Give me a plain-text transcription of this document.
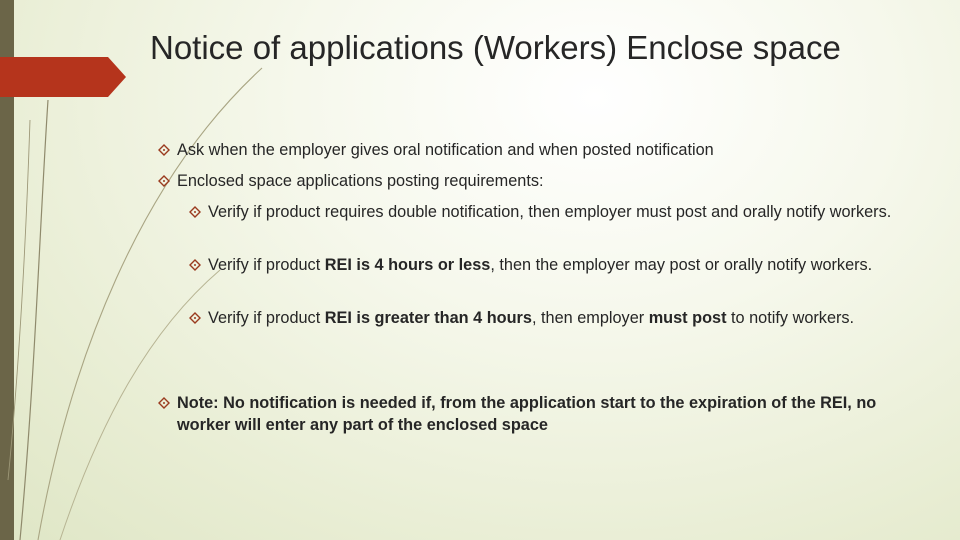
Notice of applications (Workers) Enclose space
Ask when the employer gives oral notification and when posted notification
Enclosed space applications posting requirements:
Verify if product requires double notification, then employer must post and orally notify workers.
Verify if product REI is 4 hours or less, then the employer may post or orally notify workers.
Verify if product REI is greater than 4 hours, then employer must post to notify workers.
Note: No notification is needed if, from the application start to the expiration of the REI, no worker will enter any part of the enclosed space
